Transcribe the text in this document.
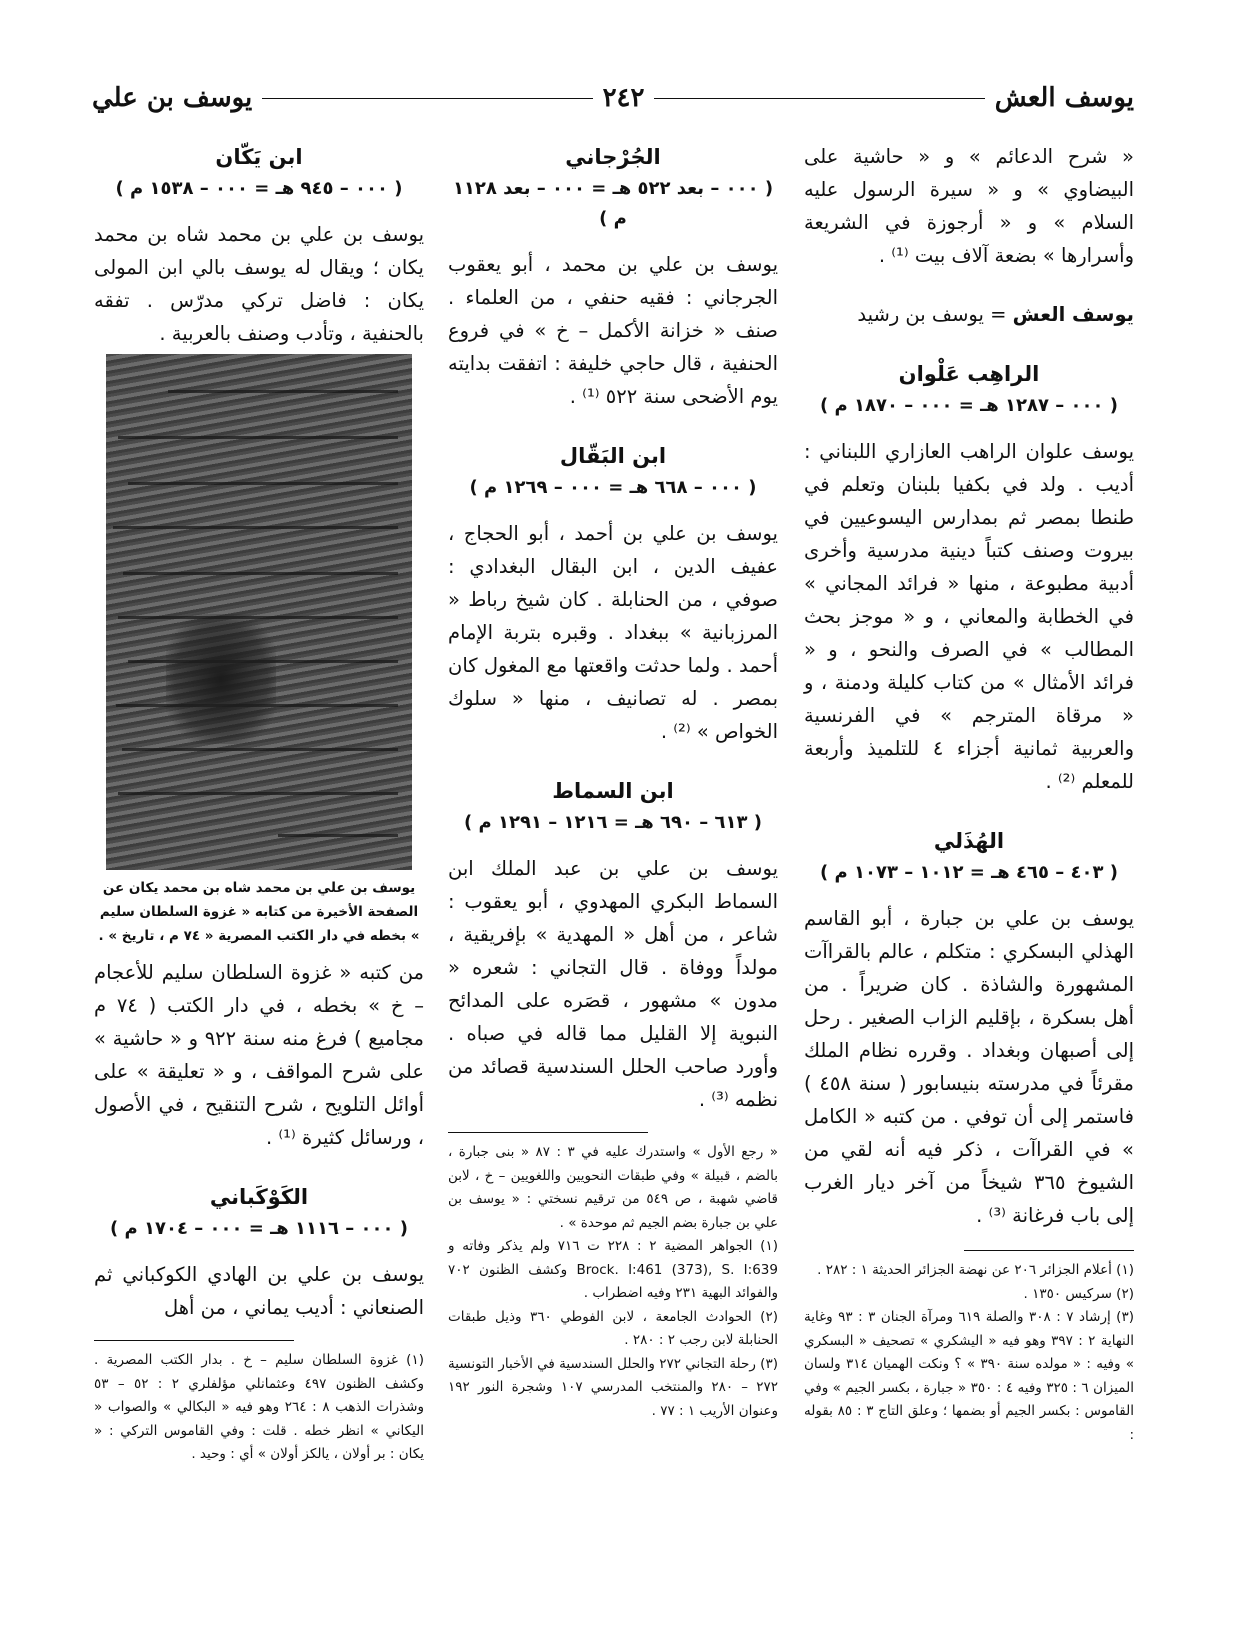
يوسف العش
٢٤٢
يوسف بن علي

« شرح الدعائم » و « حاشية على البيضاوي » و « سيرة الرسول عليه السلام » و « أرجوزة في الشريعة وأسرارها » بضعة آلاف بيت ⁽¹⁾ .

يوسف العش = يوسف بن رشيد

الراهِب عَلْوان

( ٠٠٠ – ١٢٨٧ هـ = ٠٠٠ – ١٨٧٠ م )

يوسف علوان الراهب العازاري اللبناني : أديب . ولد في بكفيا بلبنان وتعلم في طنطا بمصر ثم بمدارس اليسوعيين في بيروت وصنف كتباً دينية مدرسية وأخرى أدبية مطبوعة ، منها « فرائد المجاني » في الخطابة والمعاني ، و « موجز بحث المطالب » في الصرف والنحو ، و « فرائد الأمثال » من كتاب كليلة ودمنة ، و « مرقاة المترجم » في الفرنسية والعربية ثمانية أجزاء ٤ للتلميذ وأربعة للمعلم ⁽²⁾ .

الهُذَلي

( ٤٠٣ – ٤٦٥ هـ = ١٠١٢ – ١٠٧٣ م )

يوسف بن علي بن جبارة ، أبو القاسم الهذلي البسكري : متكلم ، عالم بالقراآت المشهورة والشاذة . كان ضريراً . من أهل بسكرة ، بإقليم الزاب الصغير . رحل إلى أصبهان وبغداد . وقرره نظام الملك مقرئاً في مدرسته بنيسابور ( سنة ٤٥٨ ) فاستمر إلى أن توفي . من كتبه « الكامل » في القراآت ، ذكر فيه أنه لقي من الشيوخ ٣٦٥ شيخاً من آخر ديار الغرب إلى باب فرغانة ⁽³⁾ .

(١) أعلام الجزائر ٢٠٦ عن نهضة الجزائر الحديثة ١ : ٢٨٢ .

(٢) سركيس ١٣٥٠ .

(٣) إرشاد ٧ : ٣٠٨ والصلة ٦١٩ ومرآة الجنان ٣ : ٩٣ وغاية النهاية ٢ : ٣٩٧ وهو فيه « اليشكري » تصحيف « البسكري » وفيه : « مولده سنة ٣٩٠ » ؟ ونكت الهميان ٣١٤ ولسان الميزان ٦ : ٣٢٥ وفيه ٤ : ٣٥٠ « جبارة ، بكسر الجيم » وفي القاموس : بكسر الجيم أو بضمها ؛ وعلق التاج ٣ : ٨٥ بقوله :

الجُرْجاني

( ٠٠٠ – بعد ٥٢٢ هـ = ٠٠٠ – بعد ١١٢٨ م )

يوسف بن علي بن محمد ، أبو يعقوب الجرجاني : فقيه حنفي ، من العلماء . صنف « خزانة الأكمل – خ » في فروع الحنفية ، قال حاجي خليفة : اتفقت بدايته يوم الأضحى سنة ٥٢٢ ⁽¹⁾ .

ابن البَقّال

( ٠٠٠ – ٦٦٨ هـ = ٠٠٠ – ١٢٦٩ م )

يوسف بن علي بن أحمد ، أبو الحجاج ، عفيف الدين ، ابن البقال البغدادي : صوفي ، من الحنابلة . كان شيخ رباط « المرزبانية » ببغداد . وقبره بتربة الإمام أحمد . ولما حدثت واقعتها مع المغول كان بمصر . له تصانيف ، منها « سلوك الخواص » ⁽²⁾ .

ابن السماط

( ٦١٣ – ٦٩٠ هـ = ١٢١٦ – ١٢٩١ م )

يوسف بن علي بن عبد الملك ابن السماط البكري المهدوي ، أبو يعقوب : شاعر ، من أهل « المهدية » بإفريقية ، مولداً ووفاة . قال التجاني : شعره « مدون » مشهور ، قصَره على المدائح النبوية إلا القليل مما قاله في صباه . وأورد صاحب الحلل السندسية قصائد من نظمه ⁽³⁾ .

« رجع الأول » واستدرك عليه في ٣ : ٨٧ « بنى جبارة ، بالضم ، قبيلة » وفي طبقات النحويين واللغويين – خ ، لابن قاضي شهبة ، ص ٥٤٩ من ترقيم نسختي : « يوسف بن علي بن جبارة بضم الجيم ثم موحدة » .

(١) الجواهر المضية ٢ : ٢٢٨ ت ٧١٦ ولم يذكر وفاته و Brock. I:461 (373), S. I:639 وكشف الظنون ٧٠٢ والفوائد البهية ٢٣١ وفيه اضطراب .

(٢) الحوادث الجامعة ، لابن الفوطي ٣٦٠ وذيل طبقات الحنابلة لابن رجب ٢ : ٢٨٠ .

(٣) رحلة التجاني ٢٧٢ والحلل السندسية في الأخبار التونسية ٢٧٢ – ٢٨٠ والمنتخب المدرسي ١٠٧ وشجرة النور ١٩٢ وعنوان الأريب ١ : ٧٧ .

ابن يَكّان

( ٠٠٠ – ٩٤٥ هـ = ٠٠٠ – ١٥٣٨ م )

يوسف بن علي بن محمد شاه بن محمد يكان ؛ ويقال له يوسف بالي ابن المولى يكان : فاضل تركي مدرّس . تفقه بالحنفية ، وتأدب وصنف بالعربية .

يوسف بن علي بن محمد شاه بن محمد يكان عن الصفحة الأخيرة من كتابه « غزوة السلطان سليم » بخطه في دار الكتب المصرية « ٧٤ م ، تاريخ » .

من كتبه « غزوة السلطان سليم للأعجام – خ » بخطه ، في دار الكتب ( ٧٤ م مجاميع ) فرغ منه سنة ٩٢٢ و « حاشية » على شرح المواقف ، و « تعليقة » على أوائل التلويح ، شرح التنقيح ، في الأصول ، ورسائل كثيرة ⁽¹⁾ .

الكَوْكَباني

( ٠٠٠ – ١١١٦ هـ = ٠٠٠ – ١٧٠٤ م )

يوسف بن علي بن الهادي الكوكباني ثم الصنعاني : أديب يماني ، من أهل

(١) غزوة السلطان سليم – خ . بدار الكتب المصرية . وكشف الظنون ٤٩٧ وعثمانلي مؤلفلري ٢ : ٥٢ – ٥٣ وشذرات الذهب ٨ : ٢٦٤ وهو فيه « البكالي » والصواب « اليكاني » انظر خطه . قلت : وفي القاموس التركي : « يكان : بر أولان ، يالكز أولان » أي : وحيد .
